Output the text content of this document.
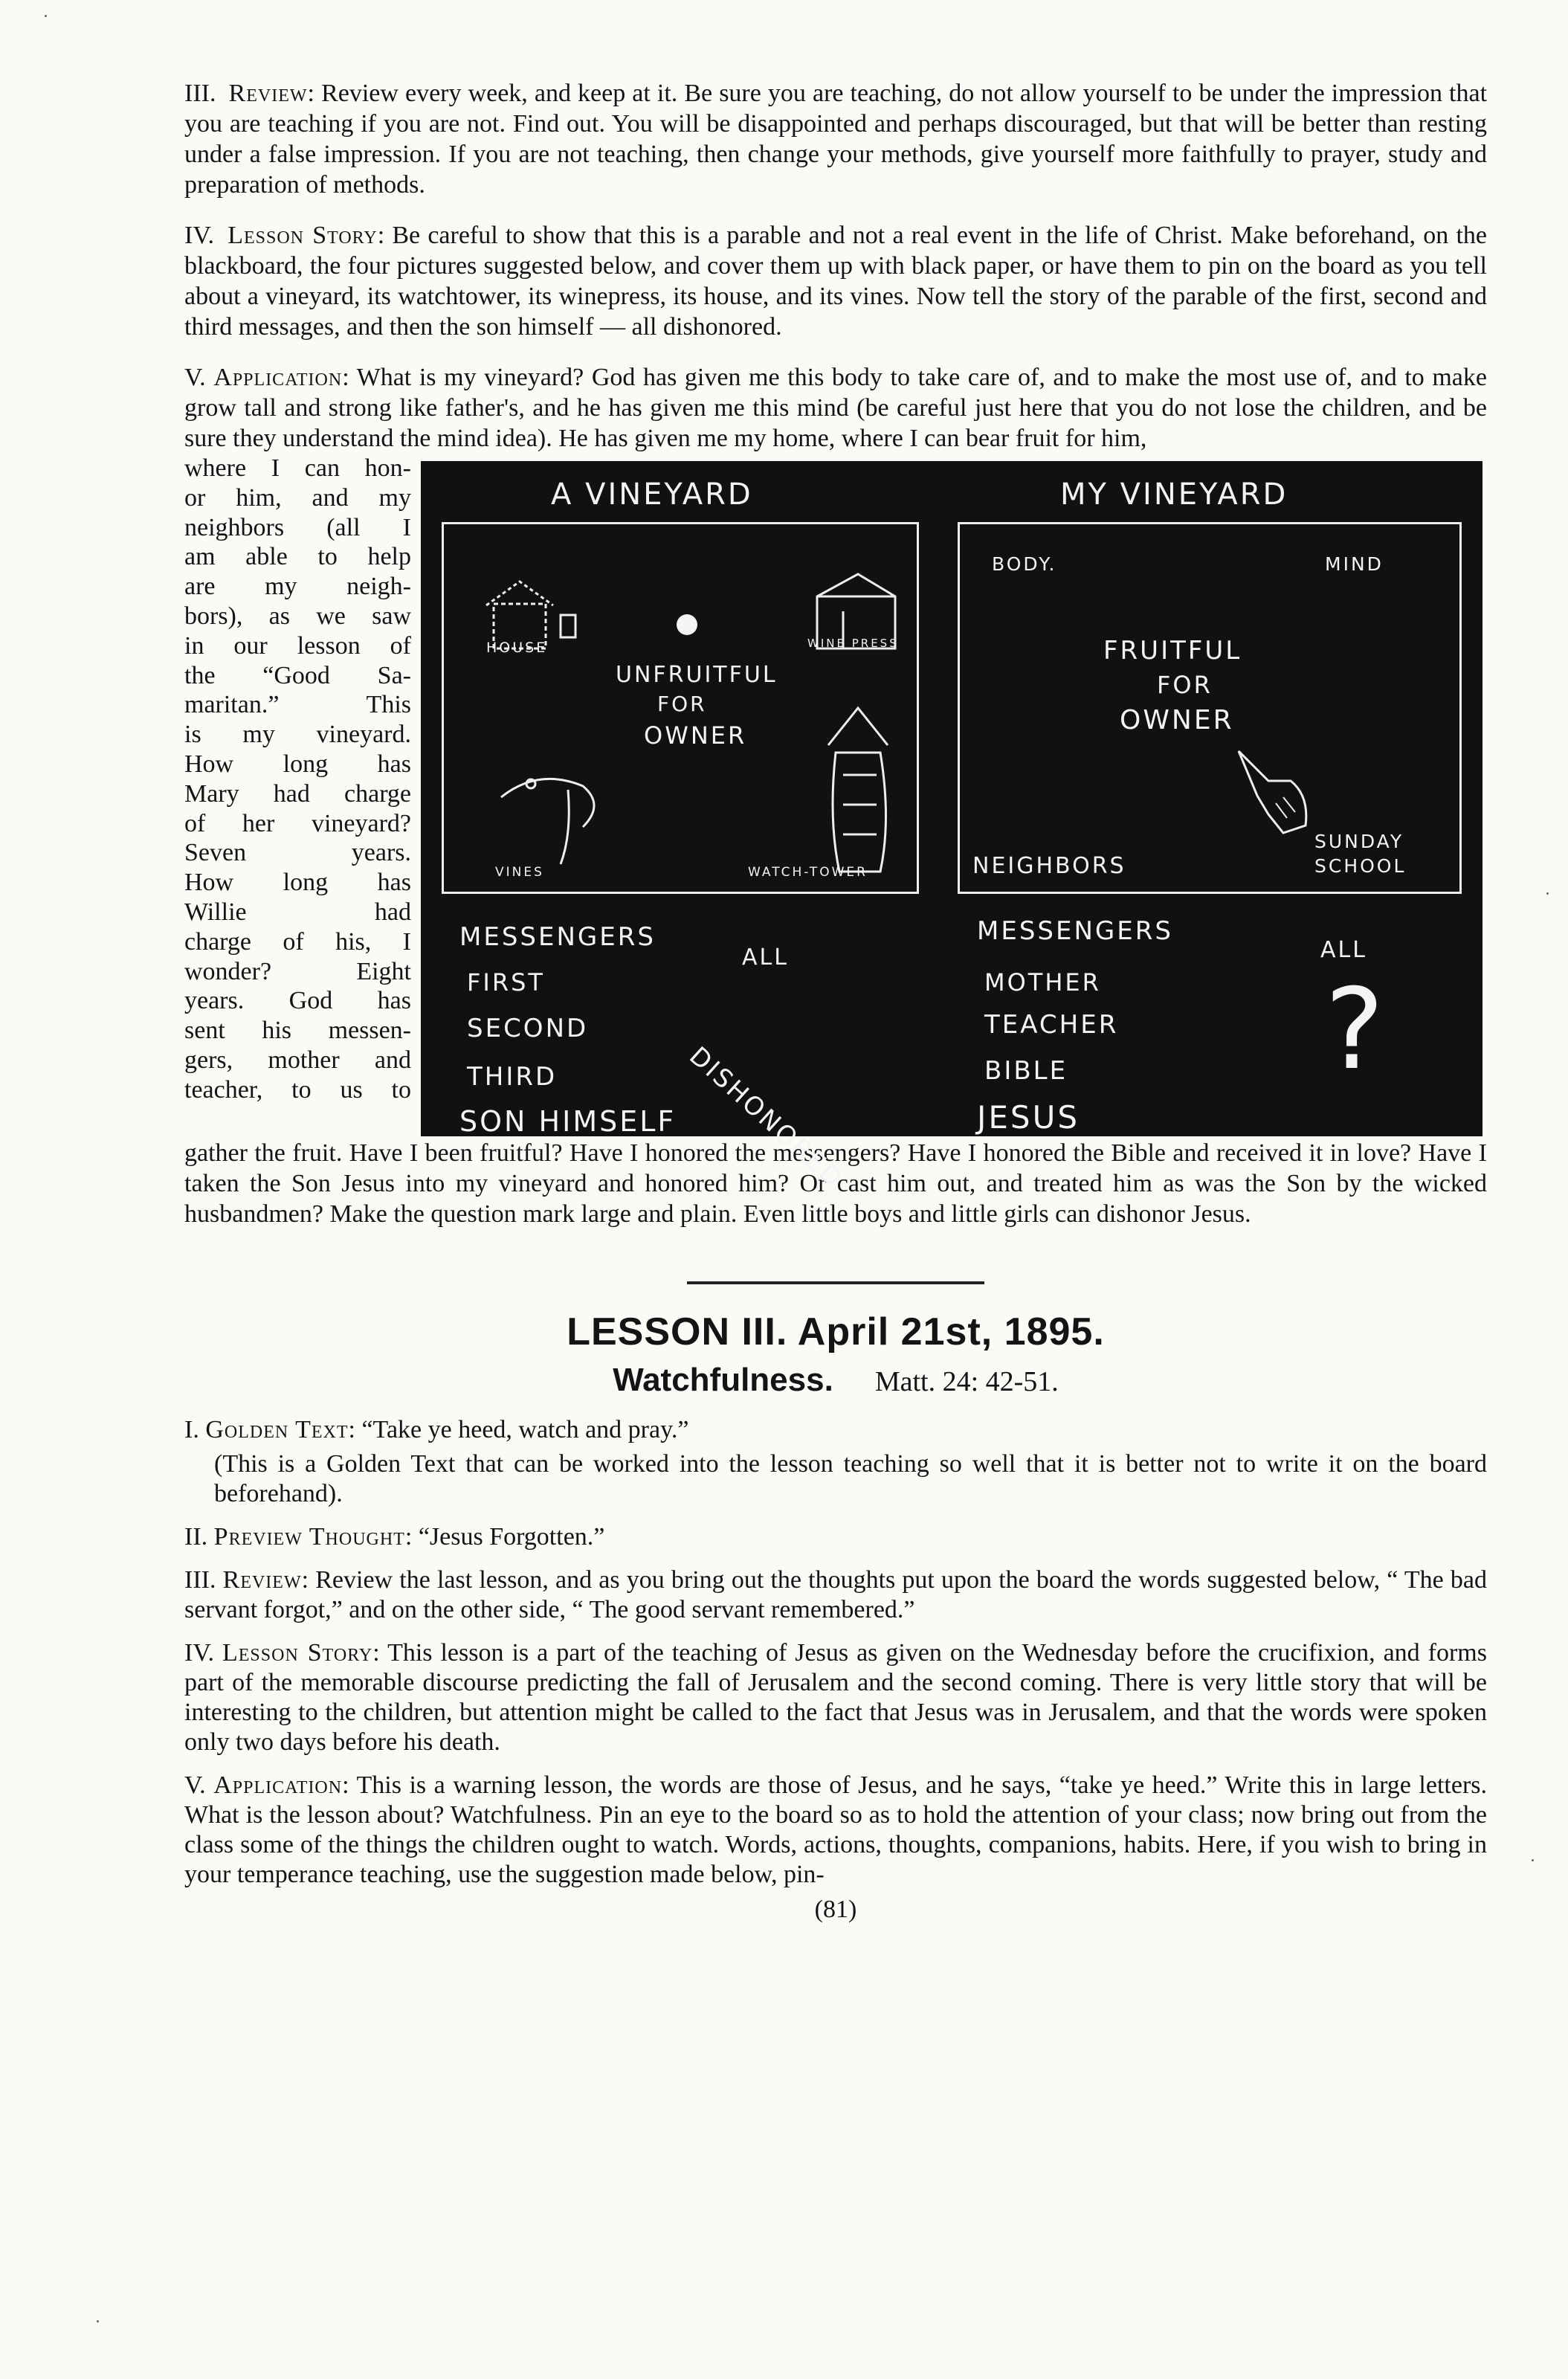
III. Review: Review every week, and keep at it. Be sure you are teaching, do not allow yourself to be under the impression that you are teaching if you are not. Find out. You will be disappointed and perhaps discouraged, but that will be better than resting under a false impression. If you are not teaching, then change your methods, give yourself more faithfully to prayer, study and preparation of methods.

IV. Lesson Story: Be careful to show that this is a parable and not a real event in the life of Christ. Make beforehand, on the blackboard, the four pictures suggested below, and cover them up with black paper, or have them to pin on the board as you tell about a vineyard, its watchtower, its winepress, its house, and its vines. Now tell the story of the parable of the first, second and third messages, and then the son himself — all dishonored.

V. Application: What is my vineyard? God has given me this body to take care of, and to make the most use of, and to make grow tall and strong like father's, and he has given me this mind (be careful just here that you do not lose the children, and be sure they understand the mind idea). He has given me my home, where I can bear fruit for him,

where I can hon-
or him, and my
neighbors (all I
am able to help
are my neigh-
bors), as we saw
in our lesson of
the “Good Sa-
maritan.” This
is my vineyard.
How long has
Mary had charge
of her vineyard?
Seven years.
How long has
Willie had
charge of his, I
wonder? Eight
years. God has
sent his messen-
gers, mother and
teacher, to us to
A VINEYARD	MY VINEYARD
HOUSE	WINE PRESS
VINES	WATCH-TOWER
UNFRUITFUL
FOR
OWNER
BODY.	MIND
FRUITFUL
FOR
OWNER
NEIGHBORS
SUNDAY
SCHOOL
MESSENGERS
ALL
FIRST
SECOND
THIRD
SON HIMSELF DISHONORED
MESSENGERS
ALL
MOTHER
TEACHER
BIBLE
JESUS
?

gather the fruit. Have I been fruitful? Have I honored the messengers? Have I honored the Bible and received it in love? Have I taken the Son Jesus into my vineyard and honored him? Or cast him out, and treated him as was the Son by the wicked husbandmen? Make the question mark large and plain. Even little boys and little girls can dishonor Jesus.

LESSON III. April 21st, 1895.
Watchfulness. Matt. 24: 42-51.

I. Golden Text: “Take ye heed, watch and pray.”

(This is a Golden Text that can be worked into the lesson teaching so well that it is better not to write it on the board beforehand).

II. Preview Thought: “Jesus Forgotten.”

III. Review: Review the last lesson, and as you bring out the thoughts put upon the board the words suggested below, “ The bad servant forgot,” and on the other side, “ The good servant remembered.”

IV. Lesson Story: This lesson is a part of the teaching of Jesus as given on the Wednesday before the crucifixion, and forms part of the memorable discourse predicting the fall of Jerusalem and the second coming. There is very little story that will be interesting to the children, but attention might be called to the fact that Jesus was in Jerusalem, and that the words were spoken only two days before his death.

V. Application: This is a warning lesson, the words are those of Jesus, and he says, “take ye heed.” Write this in large letters. What is the lesson about? Watchfulness. Pin an eye to the board so as to hold the attention of your class; now bring out from the class some of the things the children ought to watch. Words, actions, thoughts, companions, habits. Here, if you wish to bring in your temperance teaching, use the suggestion made below, pin-

(81)
